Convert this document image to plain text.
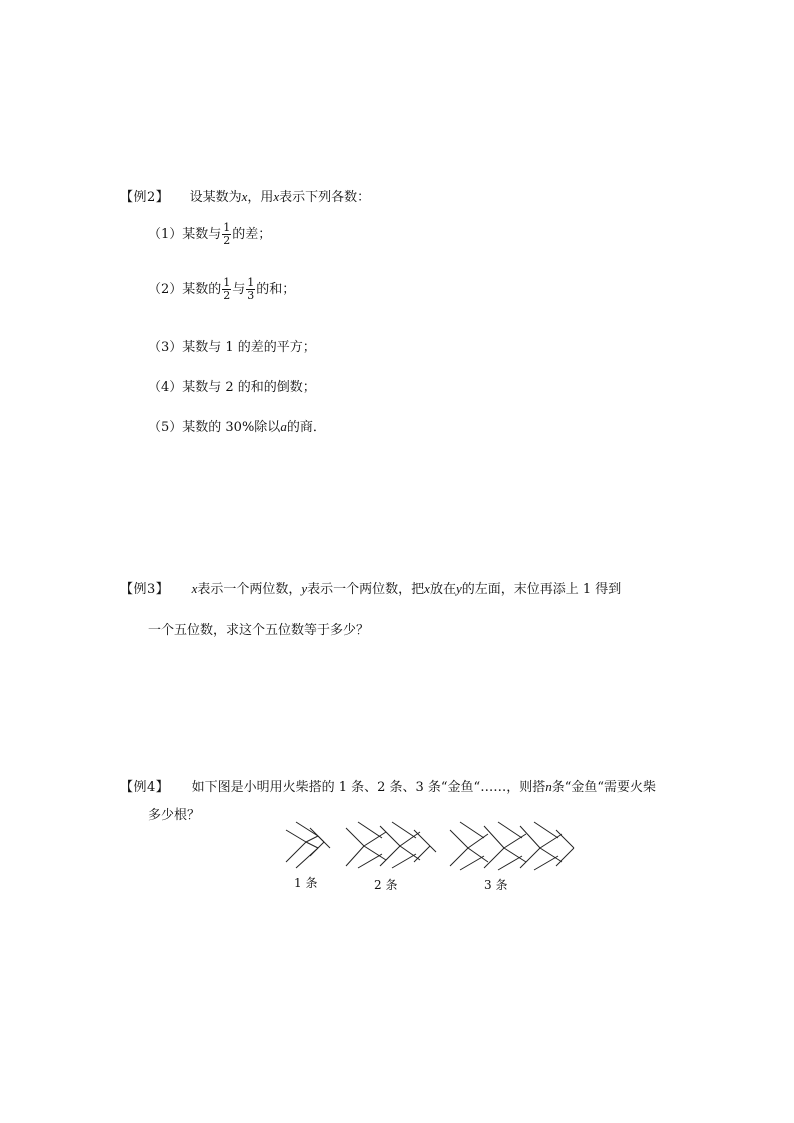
【例2】 设某数为x，用x表示下列各数：
（1）某数与 $\frac{1}{2}$ 的差；
（2）某数的 $\frac{1}{2}$ 与 $\frac{1}{3}$ 的和；
（3）某数与 1 的差的平方；
（4）某数与 2 的和的倒数；
（5）某数的 30%除以a的商．
【例3】 x表示一个两位数，y表示一个两位数，把x放在y的左面，末位再添上 1 得到
一个五位数，求这个五位数等于多少？
【例4】 如下图是小明用火柴搭的 1 条、2 条、3 条“金鱼“……，则搭n条“金鱼“需要火柴
多少根？
1 条	2 条	3 条
